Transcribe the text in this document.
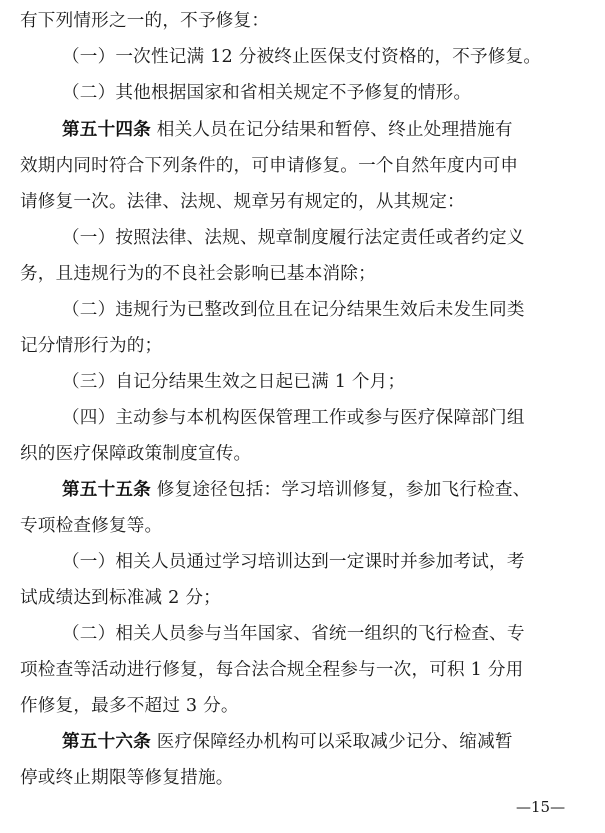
有下列情形之一的，不予修复：
（一）一次性记满 12 分被终止医保支付资格的，不予修复。
（二）其他根据国家和省相关规定不予修复的情形。
第五十四条 相关人员在记分结果和暂停、终止处理措施有
效期内同时符合下列条件的，可申请修复。一个自然年度内可申
请修复一次。法律、法规、规章另有规定的，从其规定：
（一）按照法律、法规、规章制度履行法定责任或者约定义
务，且违规行为的不良社会影响已基本消除；
（二）违规行为已整改到位且在记分结果生效后未发生同类
记分情形行为的；
（三）自记分结果生效之日起已满 1 个月；
（四）主动参与本机构医保管理工作或参与医疗保障部门组
织的医疗保障政策制度宣传。
第五十五条 修复途径包括：学习培训修复，参加飞行检查、
专项检查修复等。
（一）相关人员通过学习培训达到一定课时并参加考试，考
试成绩达到标准减 2 分；
（二）相关人员参与当年国家、省统一组织的飞行检查、专
项检查等活动进行修复，每合法合规全程参与一次，可积 1 分用
作修复，最多不超过 3 分。
第五十六条 医疗保障经办机构可以采取减少记分、缩减暂
停或终止期限等修复措施。
—15—
